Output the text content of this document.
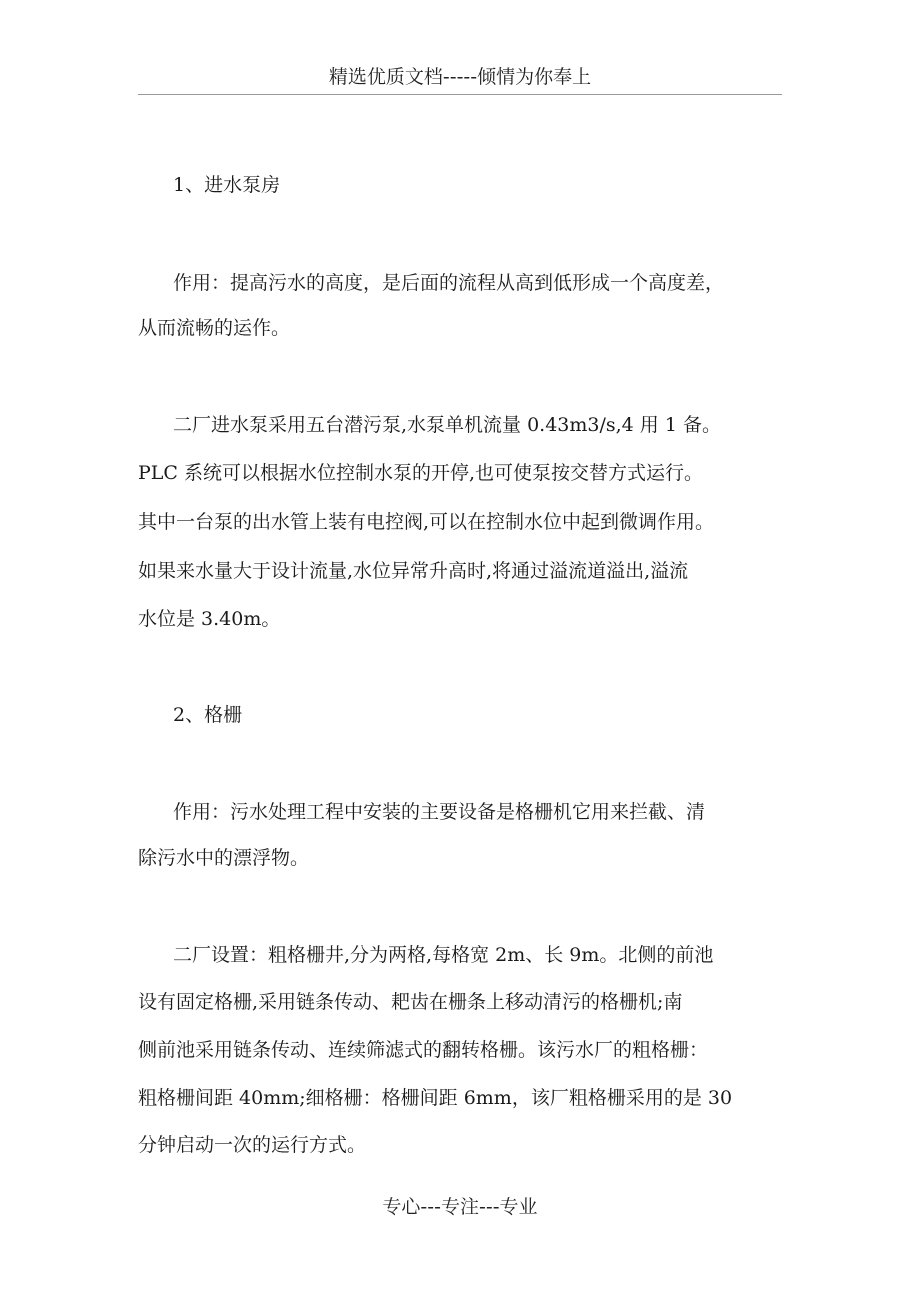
精选优质文档-----倾情为你奉上
1、进水泵房
作用：提高污水的高度，是后面的流程从高到低形成一个高度差，
从而流畅的运作。
二厂进水泵采用五台潜污泵,水泵单机流量 0.43m3/s,4 用 1 备。
PLC 系统可以根据水位控制水泵的开停,也可使泵按交替方式运行。
其中一台泵的出水管上装有电控阀,可以在控制水位中起到微调作用。
如果来水量大于设计流量,水位异常升高时,将通过溢流道溢出,溢流
水位是 3.40m。
2、格栅
作用：污水处理工程中安装的主要设备是格栅机它用来拦截、清
除污水中的漂浮物。
二厂设置：粗格栅井,分为两格,每格宽 2m、长 9m。北侧的前池
设有固定格栅,采用链条传动、耙齿在栅条上移动清污的格栅机;南
侧前池采用链条传动、连续筛滤式的翻转格栅。该污水厂的粗格栅：
粗格栅间距 40mm;细格栅：格栅间距 6mm，该厂粗格栅采用的是 30
分钟启动一次的运行方式。
专心---专注---专业
